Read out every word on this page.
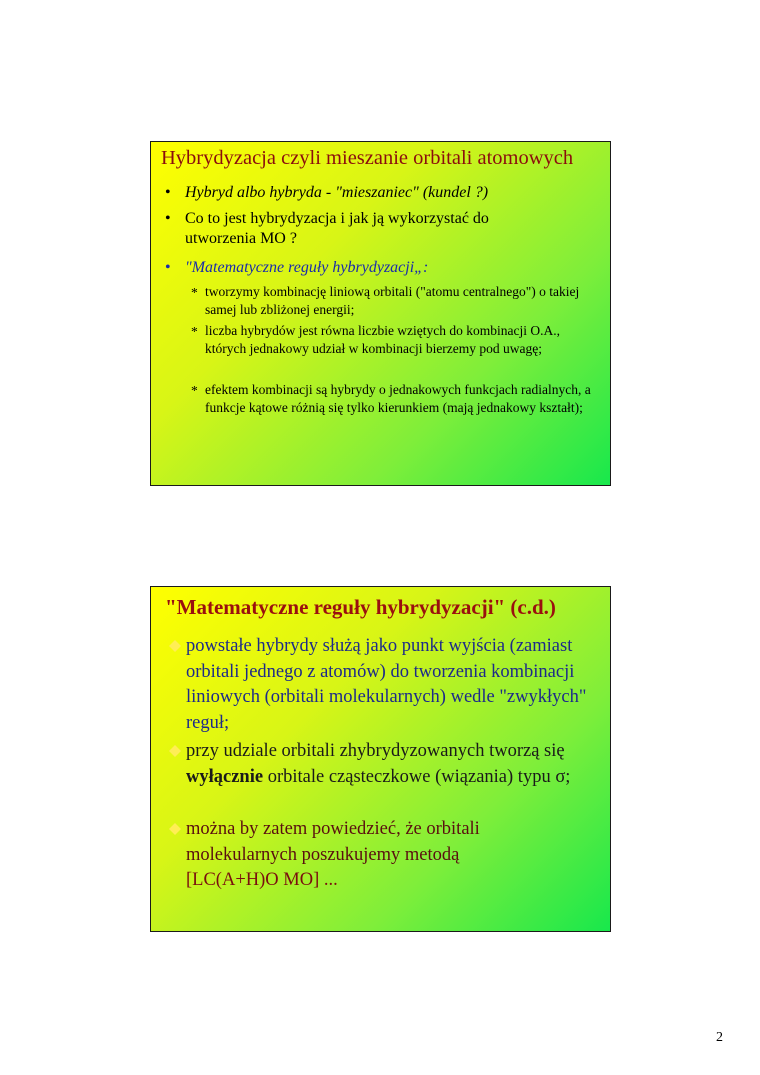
Hybrydyzacja czyli mieszanie orbitali atomowych
• Hybryd albo hybryda - "mieszaniec" (kundel ?)
• Co to jest hybrydyzacja i jak ją wykorzystać do utworzenia MO ?
• "Matematyczne reguły hybrydyzacji„:
* tworzymy kombinację liniową orbitali ("atomu centralnego") o takiej samej lub zbliżonej energii;
* liczba hybrydów jest równa liczbie wziętych do kombinacji O.A., których jednakowy udział w kombinacji bierzemy pod uwagę;
* efektem kombinacji są hybrydy o jednakowych funkcjach radialnych, a funkcje kątowe różnią się tylko kierunkiem (mają jednakowy kształt);
"Matematyczne reguły hybrydyzacji" (c.d.)
powstałe hybrydy służą jako punkt wyjścia (zamiast orbitali jednego z atomów) do tworzenia kombinacji liniowych (orbitali molekularnych) wedle "zwykłych" reguł;
przy udziale orbitali zhybrydyzowanych tworzą się wyłącznie orbitale cząsteczkowe (wiązania) typu σ;
można by zatem powiedzieć, że orbitali molekularnych poszukujemy metodą
[LC(A+H)O MO] ...
2
